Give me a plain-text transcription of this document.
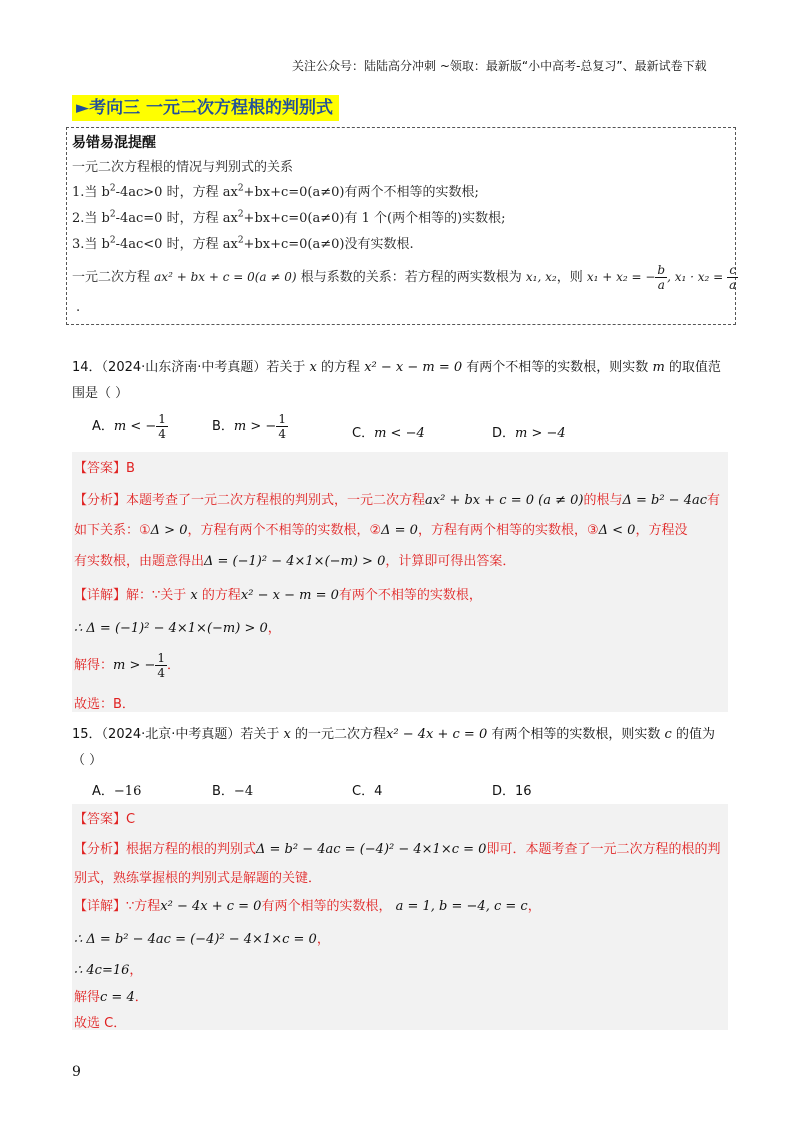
关注公众号：陆陆高分冲刺 ~领取：最新版“小中高考-总复习”、最新试卷下载
►考向三 一元二次方程根的判别式
易错易混提醒
一元二次方程根的情况与判别式的关系
1.当 $b^2-4ac>0$ 时，方程 $ax^2+bx+c=0(a\ne 0)$有两个不相等的实数根;
2.当 $b^2-4ac=0$ 时，方程 $ax^2+bx+c=0(a\ne 0)$有 1 个(两个相等的)实数根;
3.当 $b^2-4ac<0$ 时，方程 $ax^2+bx+c=0(a\ne 0)$没有实数根.
一元二次方程 ax² + bx + c = 0(a ≠ 0) 根与系数的关系：若方程的两实数根为 x₁, x₂，则 x₁ + x₂ = − $\frac{b}{a}$ , $x_1 \cdot x_2 = \frac{c}{a}$
.
14．（2024·山东济南·中考真题）若关于 x 的方程 x² − x − m = 0 有两个不相等的实数根，则实数 m 的取值范
围是（ ）
A．m < − $\frac{1}{4}$	B．m > − $\frac{1}{4}$	C．m < −4	D．m > −4
【答案】B
【分析】本题考查了一元二次方程根的判别式，一元二次方程ax² + bx + c = 0 (a ≠ 0)的根与Δ = b² − 4ac有
如下关系：①Δ > 0，方程有两个不相等的实数根，②Δ = 0，方程有两个相等的实数根，③Δ < 0，方程没
有实数根，由题意得出Δ = (−1)² − 4×1×(−m) > 0，计算即可得出答案．
【详解】解：∵关于 x 的方程x² − x − m = 0有两个不相等的实数根，
∴ Δ = (−1)² − 4×1×(−m) > 0，
解得：m > − $\frac{1}{4}$ ．
故选：B．
15．（2024·北京·中考真题）若关于 x 的一元二次方程x² − 4x + c = 0 有两个相等的实数根，则实数 c 的值为
（ ）
A．−16	B．−4	C．4	D．16
【答案】C
【分析】根据方程的根的判别式Δ = b² − 4ac = (−4)² − 4×1×c = 0即可．本题考查了一元二次方程的根的判
别式，熟练掌握根的判别式是解题的关键．
【详解】∵方程x² − 4x + c = 0有两个相等的实数根， a = 1, b = −4, c = c，
∴ Δ = b² − 4ac = (−4)² − 4×1×c = 0，
∴ 4c=16，
解得c = 4．
故选 C．
9
